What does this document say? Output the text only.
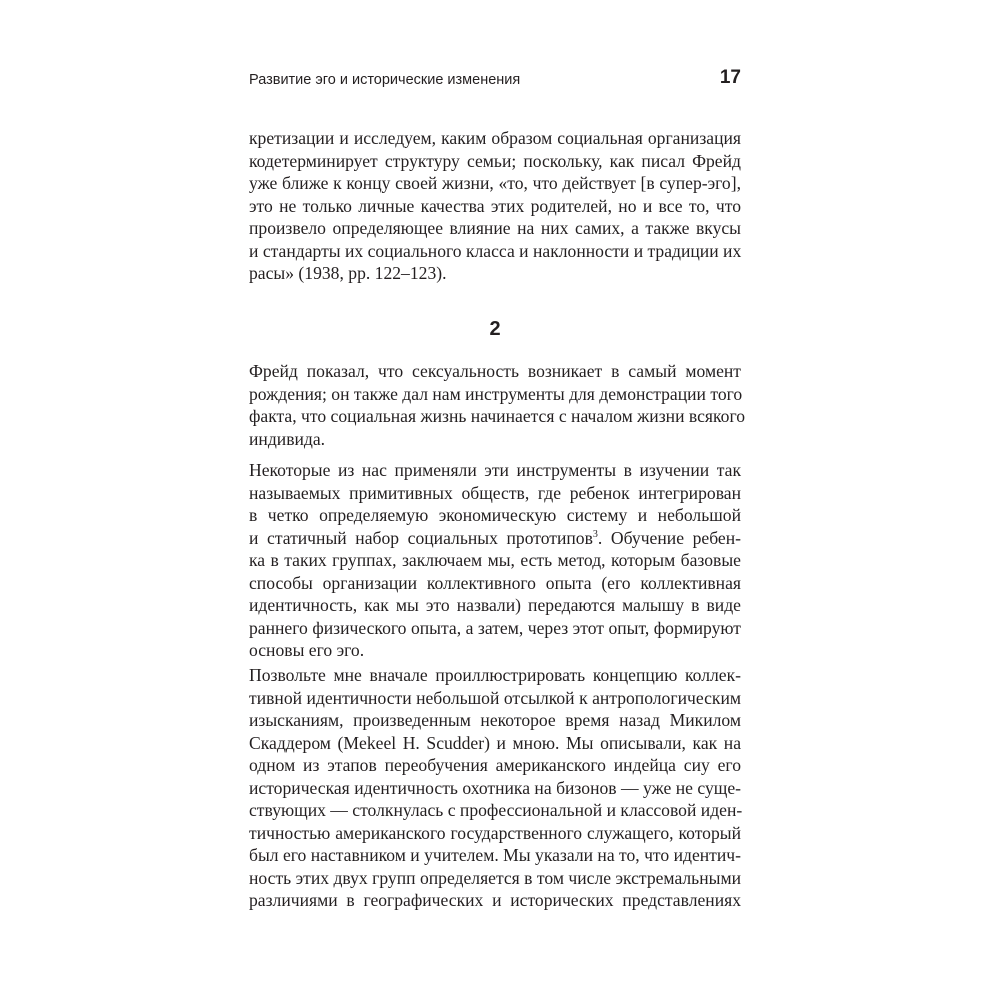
Развитие эго и исторические изменения	17
кретизации и исследуем, каким образом социальная организация
кодетерминирует структуру семьи; поскольку, как писал Фрейд
уже ближе к концу своей жизни, «то, что действует [в супер-эго],
это не только личные качества этих родителей, но и все то, что
произвело определяющее влияние на них самих, а также вкусы
и стандарты их социального класса и наклонности и традиции их
расы» (1938, pp. 122–123).
2
Фрейд показал, что сексуальность возникает в самый момент
рождения; он также дал нам инструменты для демонстрации того
факта, что социальная жизнь начинается с началом жизни всякого
индивида.
Некоторые из нас применяли эти инструменты в изучении так
называемых примитивных обществ, где ребенок интегрирован
в четко определяемую экономическую систему и небольшой
и статичный набор социальных прототипов$^3$. Обучение ребен-
ка в таких группах, заключаем мы, есть метод, которым базовые
способы организации коллективного опыта (его коллективная
идентичность, как мы это назвали) передаются малышу в виде
раннего физического опыта, а затем, через этот опыт, формируют
основы его эго.
Позвольте мне вначале проиллюстрировать концепцию коллек-
тивной идентичности небольшой отсылкой к антропологическим
изысканиям, произведенным некоторое время назад Микилом
Скаддером (Mekeel H. Scudder) и мною. Мы описывали, как на
одном из этапов переобучения американского индейца сиу его
историческая идентичность охотника на бизонов — уже не суще-
ствующих — столкнулась с профессиональной и классовой иден-
тичностью американского государственного служащего, который
был его наставником и учителем. Мы указали на то, что идентич-
ность этих двух групп определяется в том числе экстремальными
различиями в географических и исторических представлениях
